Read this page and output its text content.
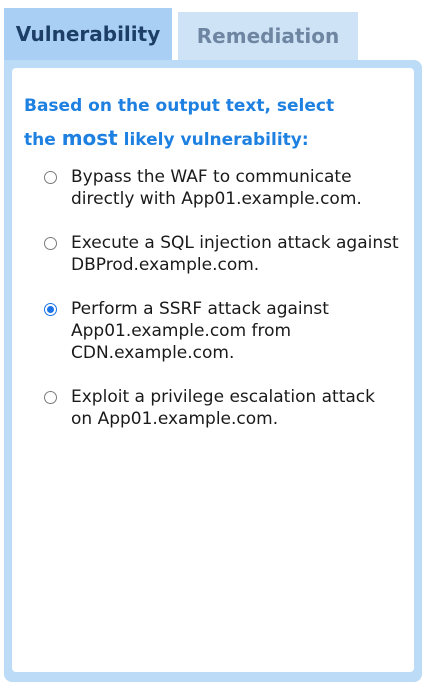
Vulnerability	Remediation
Based on the output text, select the most likely vulnerability:
Bypass the WAF to communicate directly with App01.example.com.
Execute a SQL injection attack against DBProd.example.com.
Perform a SSRF attack against App01.example.com from CDN.example.com.
Exploit a privilege escalation attack on App01.example.com.
